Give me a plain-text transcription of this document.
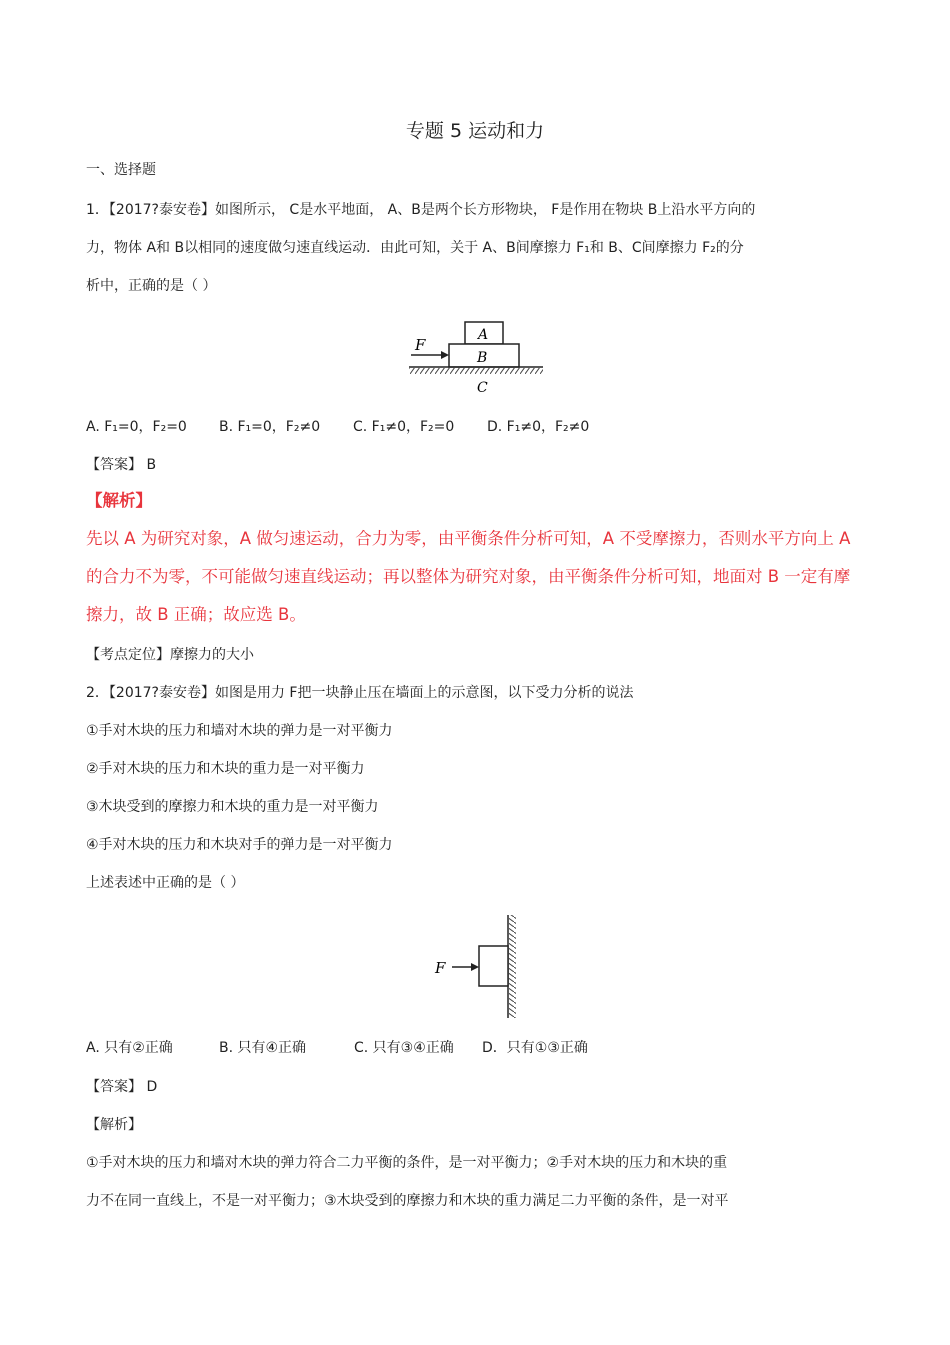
专题 5 运动和力
一、选择题
1．【2017?泰安卷】如图所示， C是水平地面， A、B是两个长方形物块， F是作用在物块 B上沿水平方向的
力，物体 A和 B以相同的速度做匀速直线运动．由此可知，关于 A、B间摩擦力 F₁和 B、C间摩擦力 F₂的分
析中，正确的是（ ）
F
A
B
C
A. F₁=0，F₂=0 B. F₁=0，F₂≠0 C. F₁≠0，F₂=0 D. F₁≠0，F₂≠0
【答案】 B
【解析】
先以 A 为研究对象，A 做匀速运动，合力为零，由平衡条件分析可知，A 不受摩擦力，否则水平方向上 A
的合力不为零，不可能做匀速直线运动；再以整体为研究对象，由平衡条件分析可知，地面对 B 一定有摩
擦力，故 B 正确；故应选 B。
【考点定位】摩擦力的大小
2．【2017?泰安卷】如图是用力 F把一块静止压在墙面上的示意图，以下受力分析的说法
①手对木块的压力和墙对木块的弹力是一对平衡力
②手对木块的压力和木块的重力是一对平衡力
③木块受到的摩擦力和木块的重力是一对平衡力
④手对木块的压力和木块对手的弹力是一对平衡力
上述表述中正确的是（ ）
F
A. 只有②正确	B. 只有④正确	C. 只有③④正确 D．只有①③正确
【答案】 D
【解析】
①手对木块的压力和墙对木块的弹力符合二力平衡的条件，是一对平衡力；②手对木块的压力和木块的重
力不在同一直线上，不是一对平衡力；③木块受到的摩擦力和木块的重力满足二力平衡的条件，是一对平
